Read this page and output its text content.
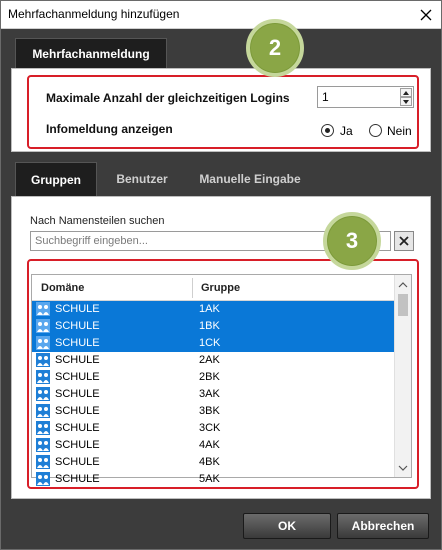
Mehrfachanmeldung hinzufügen
Mehrfachanmeldung
Maximale Anzahl der gleichzeitigen Logins	1
Infomeldung anzeigen	Ja	Nein
2
Gruppen	Benutzer	Manuelle Eingabe
Nach Namensteilen suchen
Suchbegriff eingeben...
Domäne	Gruppe
SCHULE	1AK
SCHULE	1BK
SCHULE	1CK
SCHULE	2AK
SCHULE	2BK
SCHULE	3AK
SCHULE	3BK
SCHULE	3CK
SCHULE	4AK
SCHULE	4BK
SCHULE	5AK
3
OK	Abbrechen
